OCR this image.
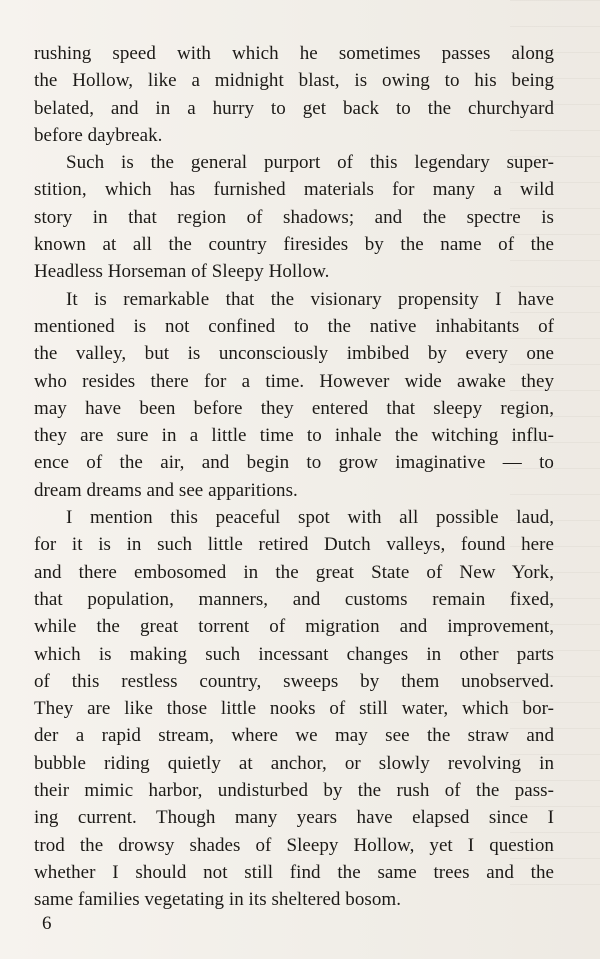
rushing speed with which he sometimes passes along
the Hollow, like a midnight blast, is owing to his being
belated, and in a hurry to get back to the churchyard
before daybreak.
Such is the general purport of this legendary super-
stition, which has furnished materials for many a wild
story in that region of shadows; and the spectre is
known at all the country firesides by the name of the
Headless Horseman of Sleepy Hollow.
It is remarkable that the visionary propensity I have
mentioned is not confined to the native inhabitants of
the valley, but is unconsciously imbibed by every one
who resides there for a time. However wide awake they
may have been before they entered that sleepy region,
they are sure in a little time to inhale the witching influ-
ence of the air, and begin to grow imaginative — to
dream dreams and see apparitions.
I mention this peaceful spot with all possible laud,
for it is in such little retired Dutch valleys, found here
and there embosomed in the great State of New York,
that population, manners, and customs remain fixed,
while the great torrent of migration and improvement,
which is making such incessant changes in other parts
of this restless country, sweeps by them unobserved.
They are like those little nooks of still water, which bor-
der a rapid stream, where we may see the straw and
bubble riding quietly at anchor, or slowly revolving in
their mimic harbor, undisturbed by the rush of the pass-
ing current. Though many years have elapsed since I
trod the drowsy shades of Sleepy Hollow, yet I question
whether I should not still find the same trees and the
same families vegetating in its sheltered bosom.
6
